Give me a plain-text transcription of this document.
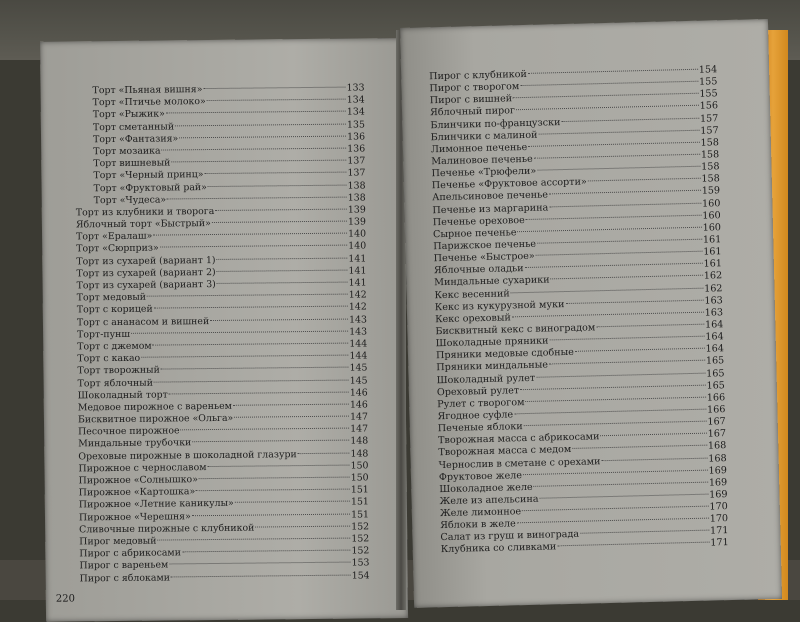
Торт «Пьяная вишня»	133
Торт «Птичье молоко»	134
Торт «Рыжик»	134
Торт сметанный	135
Торт «Фантазия»	136
Торт мозаика	136
Торт вишневый	137
Торт «Черный принц»	137
Торт «Фруктовый рай»	138
Торт «Чудеса»	138
Торт из клубники и творога	139
Яблочный торт «Быстрый»	139
Торт «Ералаш»	140
Торт «Сюрприз»	140
Торт из сухарей (вариант 1)	141
Торт из сухарей (вариант 2)	141
Торт из сухарей (вариант 3)	141
Торт медовый	142
Торт с корицей	142
Торт с ананасом и вишней	143
Торт-пунш	143
Торт с джемом	144
Торт с какао	144
Торт творожный	145
Торт яблочный	145
Шоколадный торт	146
Медовое пирожное с вареньем	146
Бисквитное пирожное «Ольга»	147
Песочное пирожное	147
Миндальные трубочки	148
Ореховые пирожные в шоколадной глазури	148
Пирожное с чернославом	150
Пирожное «Солнышко»	150
Пирожное «Картошка»	151
Пирожное «Летние каникулы»	151
Пирожное «Черешня»	151
Сливочные пирожные с клубникой	152
Пирог медовый	152
Пирог с абрикосами	152
Пирог с вареньем	153
Пирог с яблоками	154
220
Пирог с клубникой	154
Пирог с творогом	155
Пирог с вишней	155
Яблочный пирог	156
Блинчики по-французски	157
Блинчики с малиной	157
Лимонное печенье	158
Малиновое печенье	158
Печенье «Трюфели»	158
Печенье «Фруктовое ассорти»	158
Апельсиновое печенье	159
Печенье из маргарина	160
Печенье ореховое	160
Сырное печенье	160
Парижское печенье	161
Печенье «Быстрое»	161
Яблочные оладьи	161
Миндальные сухарики	162
Кекс весенний	162
Кекс из кукурузной муки	163
Кекс ореховый	163
Бисквитный кекс с виноградом	164
Шоколадные пряники	164
Пряники медовые сдобные	164
Пряники миндальные	165
Шоколадный рулет	165
Ореховый рулет	165
Рулет с творогом	166
Ягодное суфле	166
Печеные яблоки	167
Творожная масса с абрикосами	167
Творожная масса с медом	168
Чернослив в сметане с орехами	168
Фруктовое желе	169
Шоколадное желе	169
Желе из апельсина	169
Желе лимонное	170
Яблоки в желе	170
Салат из груш и винограда	171
Клубника со сливками	171
